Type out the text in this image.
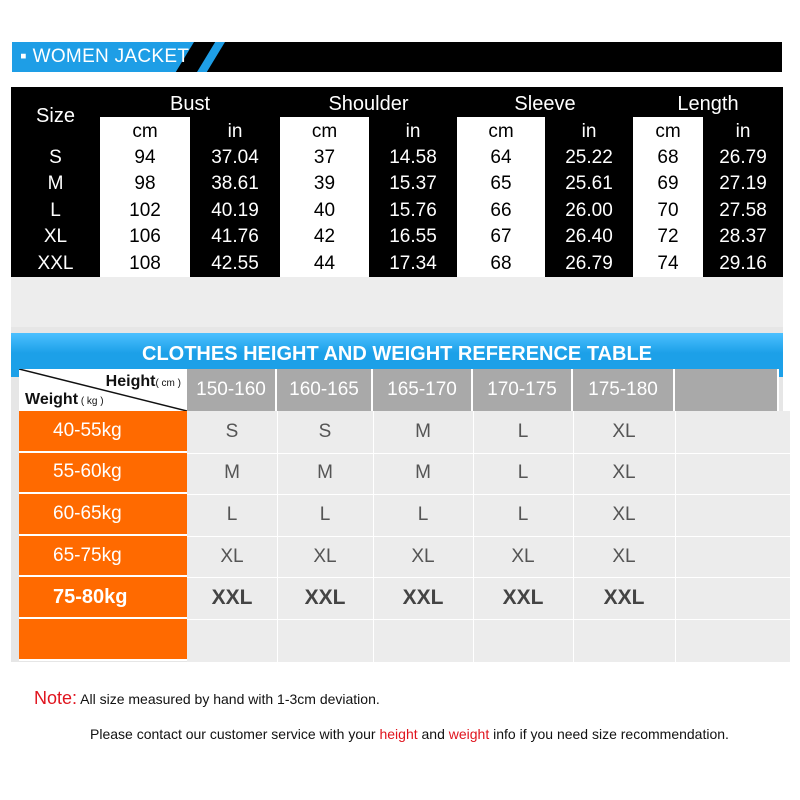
▪ WOMEN JACKET
Size
Bust
cm	in
Shoulder
cm	in
Sleeve
cm	in
Length
cm	in
S	94	37.04	37	14.58	64	25.22	68	26.79
M	98	38.61	39	15.37	65	25.61	69	27.19
L	102	40.19	40	15.76	66	26.00	70	27.58
XL	106	41.76	42	16.55	67	26.40	72	28.37
XXL	108	42.55	44	17.34	68	26.79	74	29.16
CLOTHES HEIGHT AND WEIGHT REFERENCE TABLE
Height( cm )
Weight ( kg )
150-160	160-165	165-170	170-175	175-180
40-55kg	S	S	M	L	XL
55-60kg	M	M	M	L	XL
60-65kg	L	L	L	L	XL
65-75kg	XL	XL	XL	XL	XL
75-80kg	XXL	XXL	XXL	XXL	XXL
Note: All size measured by hand with 1-3cm deviation.
Please contact our customer service with your height and weight info if you need size recommendation.
